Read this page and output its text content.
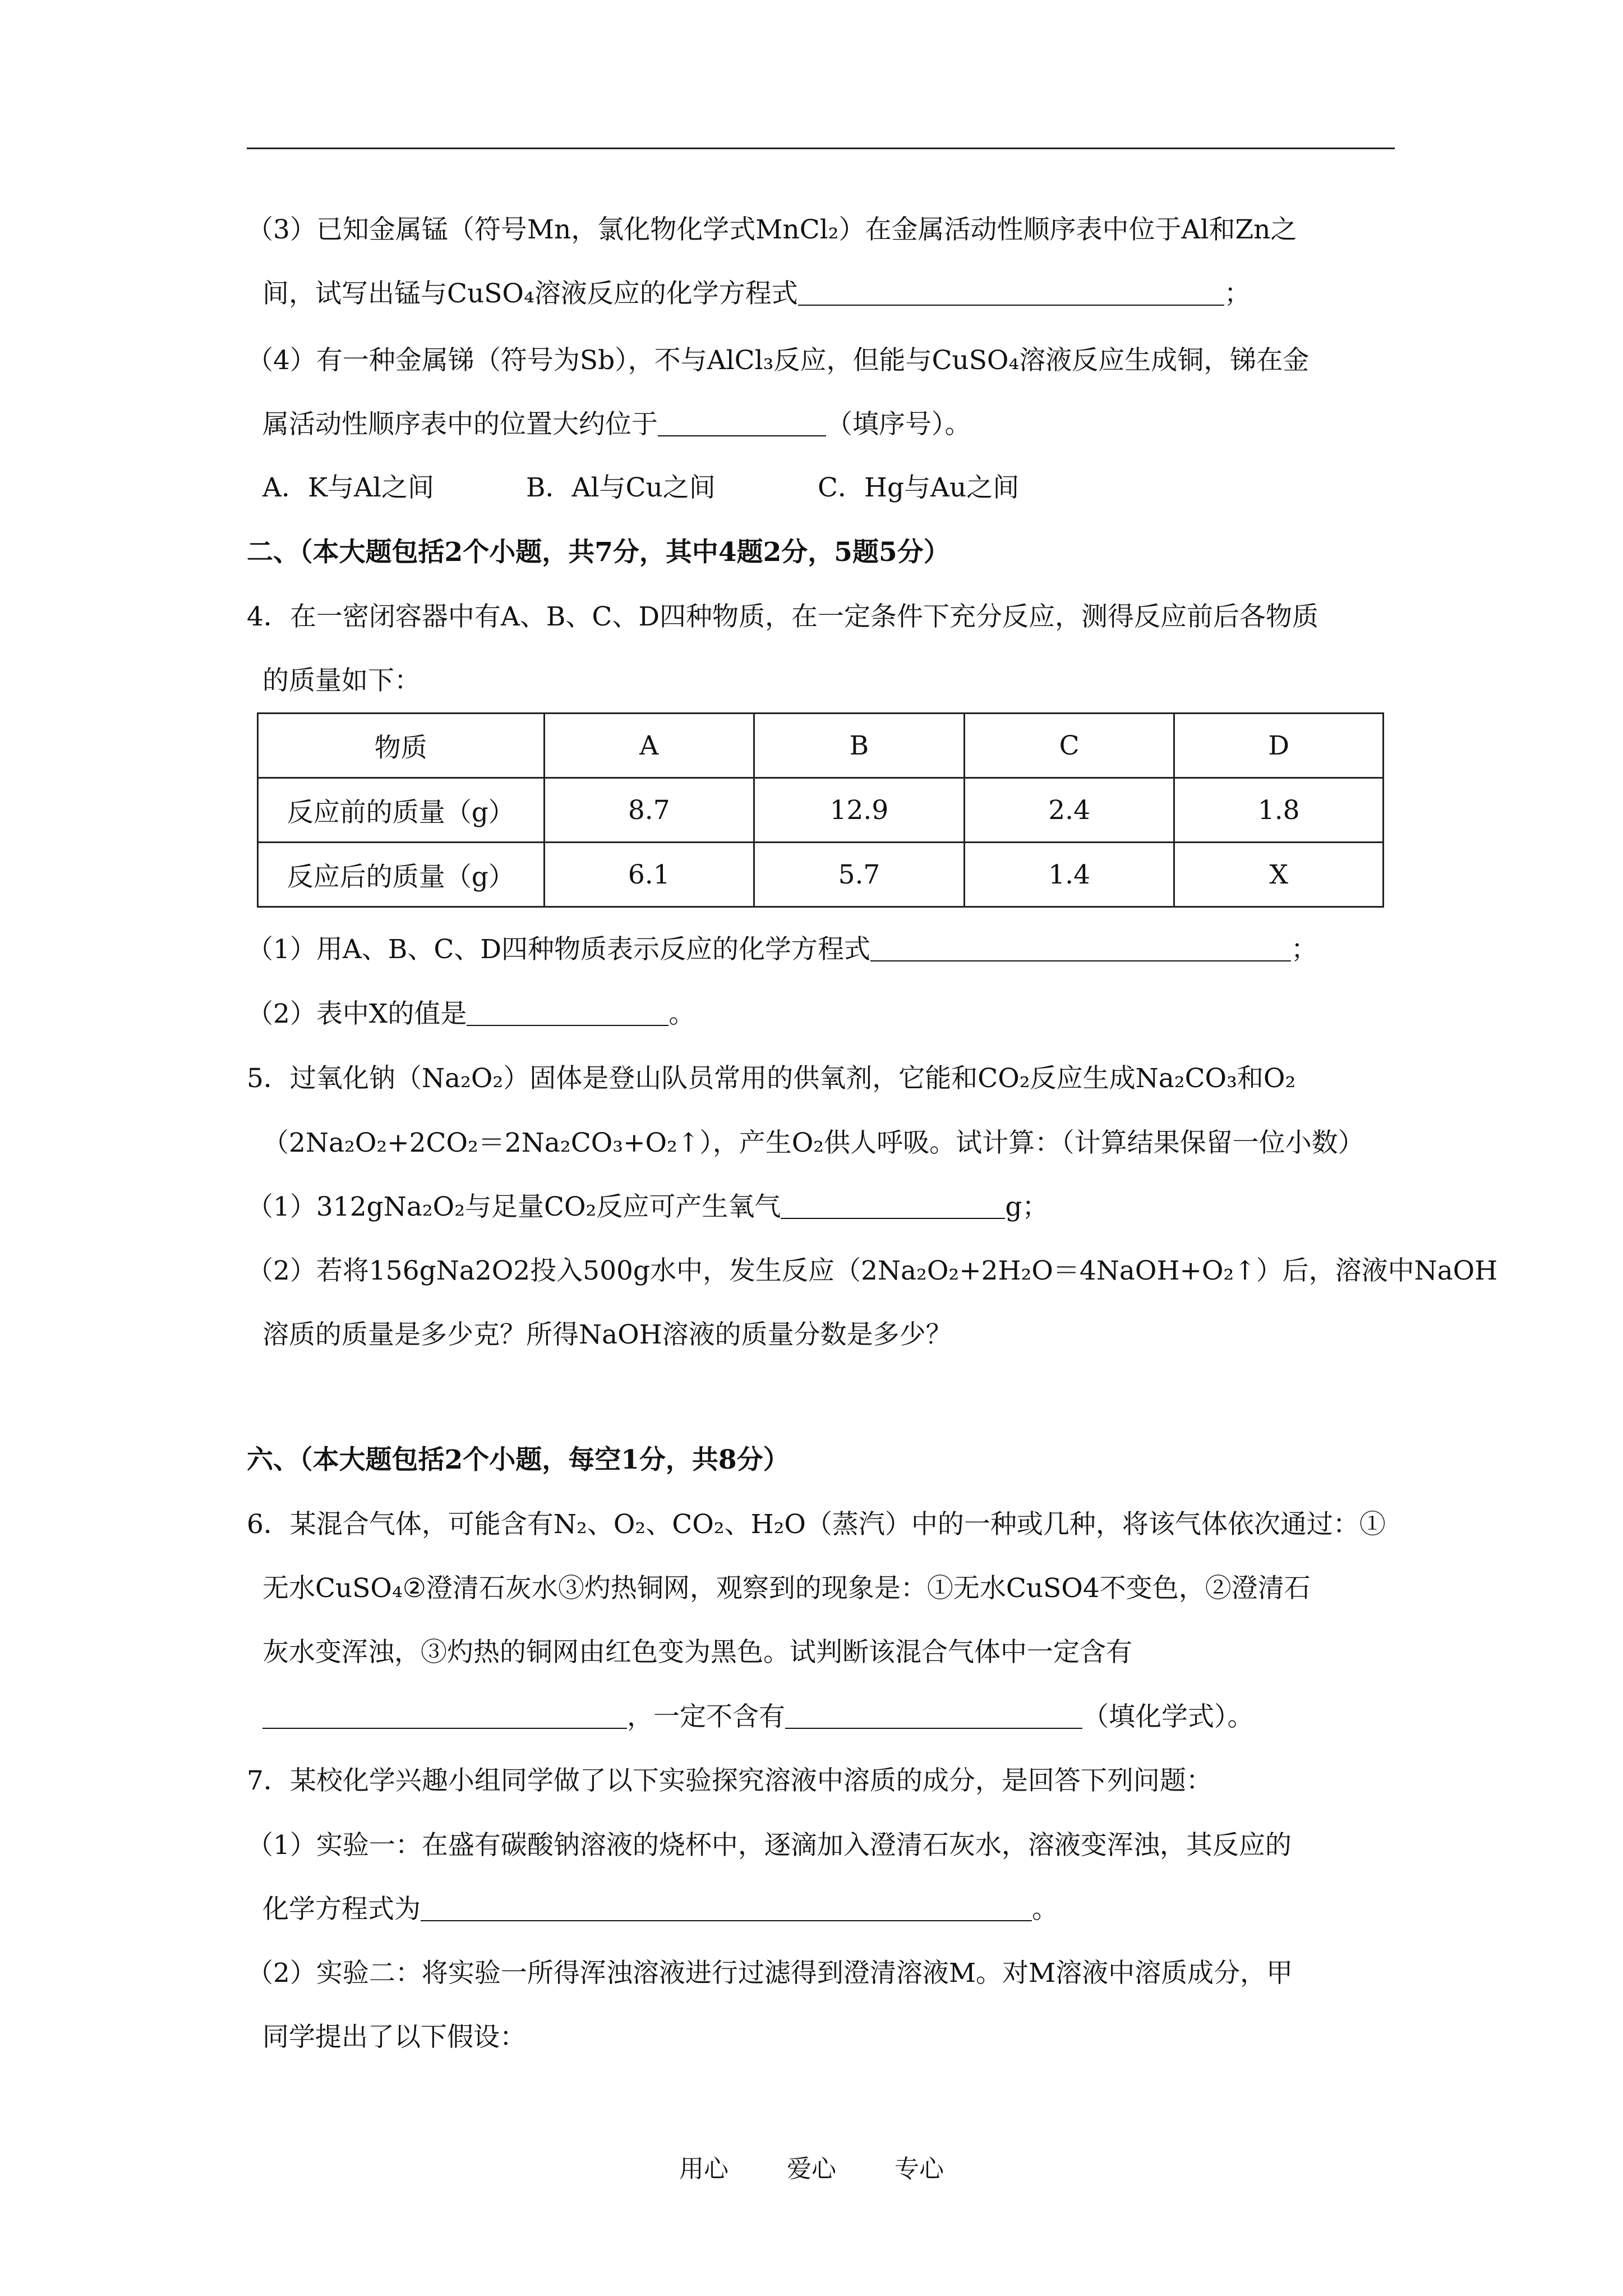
（3）已知金属锰（符号Mn，氯化物化学式MnCl₂）在金属活动性顺序表中位于Al和Zn之
间，试写出锰与CuSO₄溶液反应的化学方程式	；
（4）有一种金属锑（符号为Sb），不与AlCl₃反应，但能与CuSO₄溶液反应生成铜，锑在金
属活动性顺序表中的位置大约位于	（填序号）。
A．K与Al之间	B．Al与Cu之间	C．Hg与Au之间
二、（本大题包括2个小题，共7分，其中4题2分，5题5分）
4．在一密闭容器中有A、B、C、D四种物质，在一定条件下充分反应，测得反应前后各物质
的质量如下：
物质	A	B	C	D
反应前的质量（g）	8.7	12.9	2.4	1.8
反应后的质量（g）	6.1	5.7	1.4	X
（1）用A、B、C、D四种物质表示反应的化学方程式	；
（2）表中X的值是	。
5．过氧化钠（Na₂O₂）固体是登山队员常用的供氧剂，它能和CO₂反应生成Na₂CO₃和O₂
（2Na₂O₂+2CO₂＝2Na₂CO₃+O₂↑），产生O₂供人呼吸。试计算：（计算结果保留一位小数）
（1）312gNa₂O₂与足量CO₂反应可产生氧气	g；
（2）若将156gNa2O2投入500g水中，发生反应（2Na₂O₂+2H₂O＝4NaOH+O₂↑）后，溶液中NaOH
溶质的质量是多少克？所得NaOH溶液的质量分数是多少？
六、（本大题包括2个小题，每空1分，共8分）
6．某混合气体，可能含有N₂、O₂、CO₂、H₂O（蒸汽）中的一种或几种，将该气体依次通过：①
无水CuSO₄②澄清石灰水③灼热铜网，观察到的现象是：①无水CuSO4不变色，②澄清石
灰水变浑浊，③灼热的铜网由红色变为黑色。试判断该混合气体中一定含有
，一定不含有	（填化学式）。
7．某校化学兴趣小组同学做了以下实验探究溶液中溶质的成分，是回答下列问题：
（1）实验一：在盛有碳酸钠溶液的烧杯中，逐滴加入澄清石灰水，溶液变浑浊，其反应的
化学方程式为	。
（2）实验二：将实验一所得浑浊溶液进行过滤得到澄清溶液M。对M溶液中溶质成分，甲
同学提出了以下假设：
用心 爱心 专心
